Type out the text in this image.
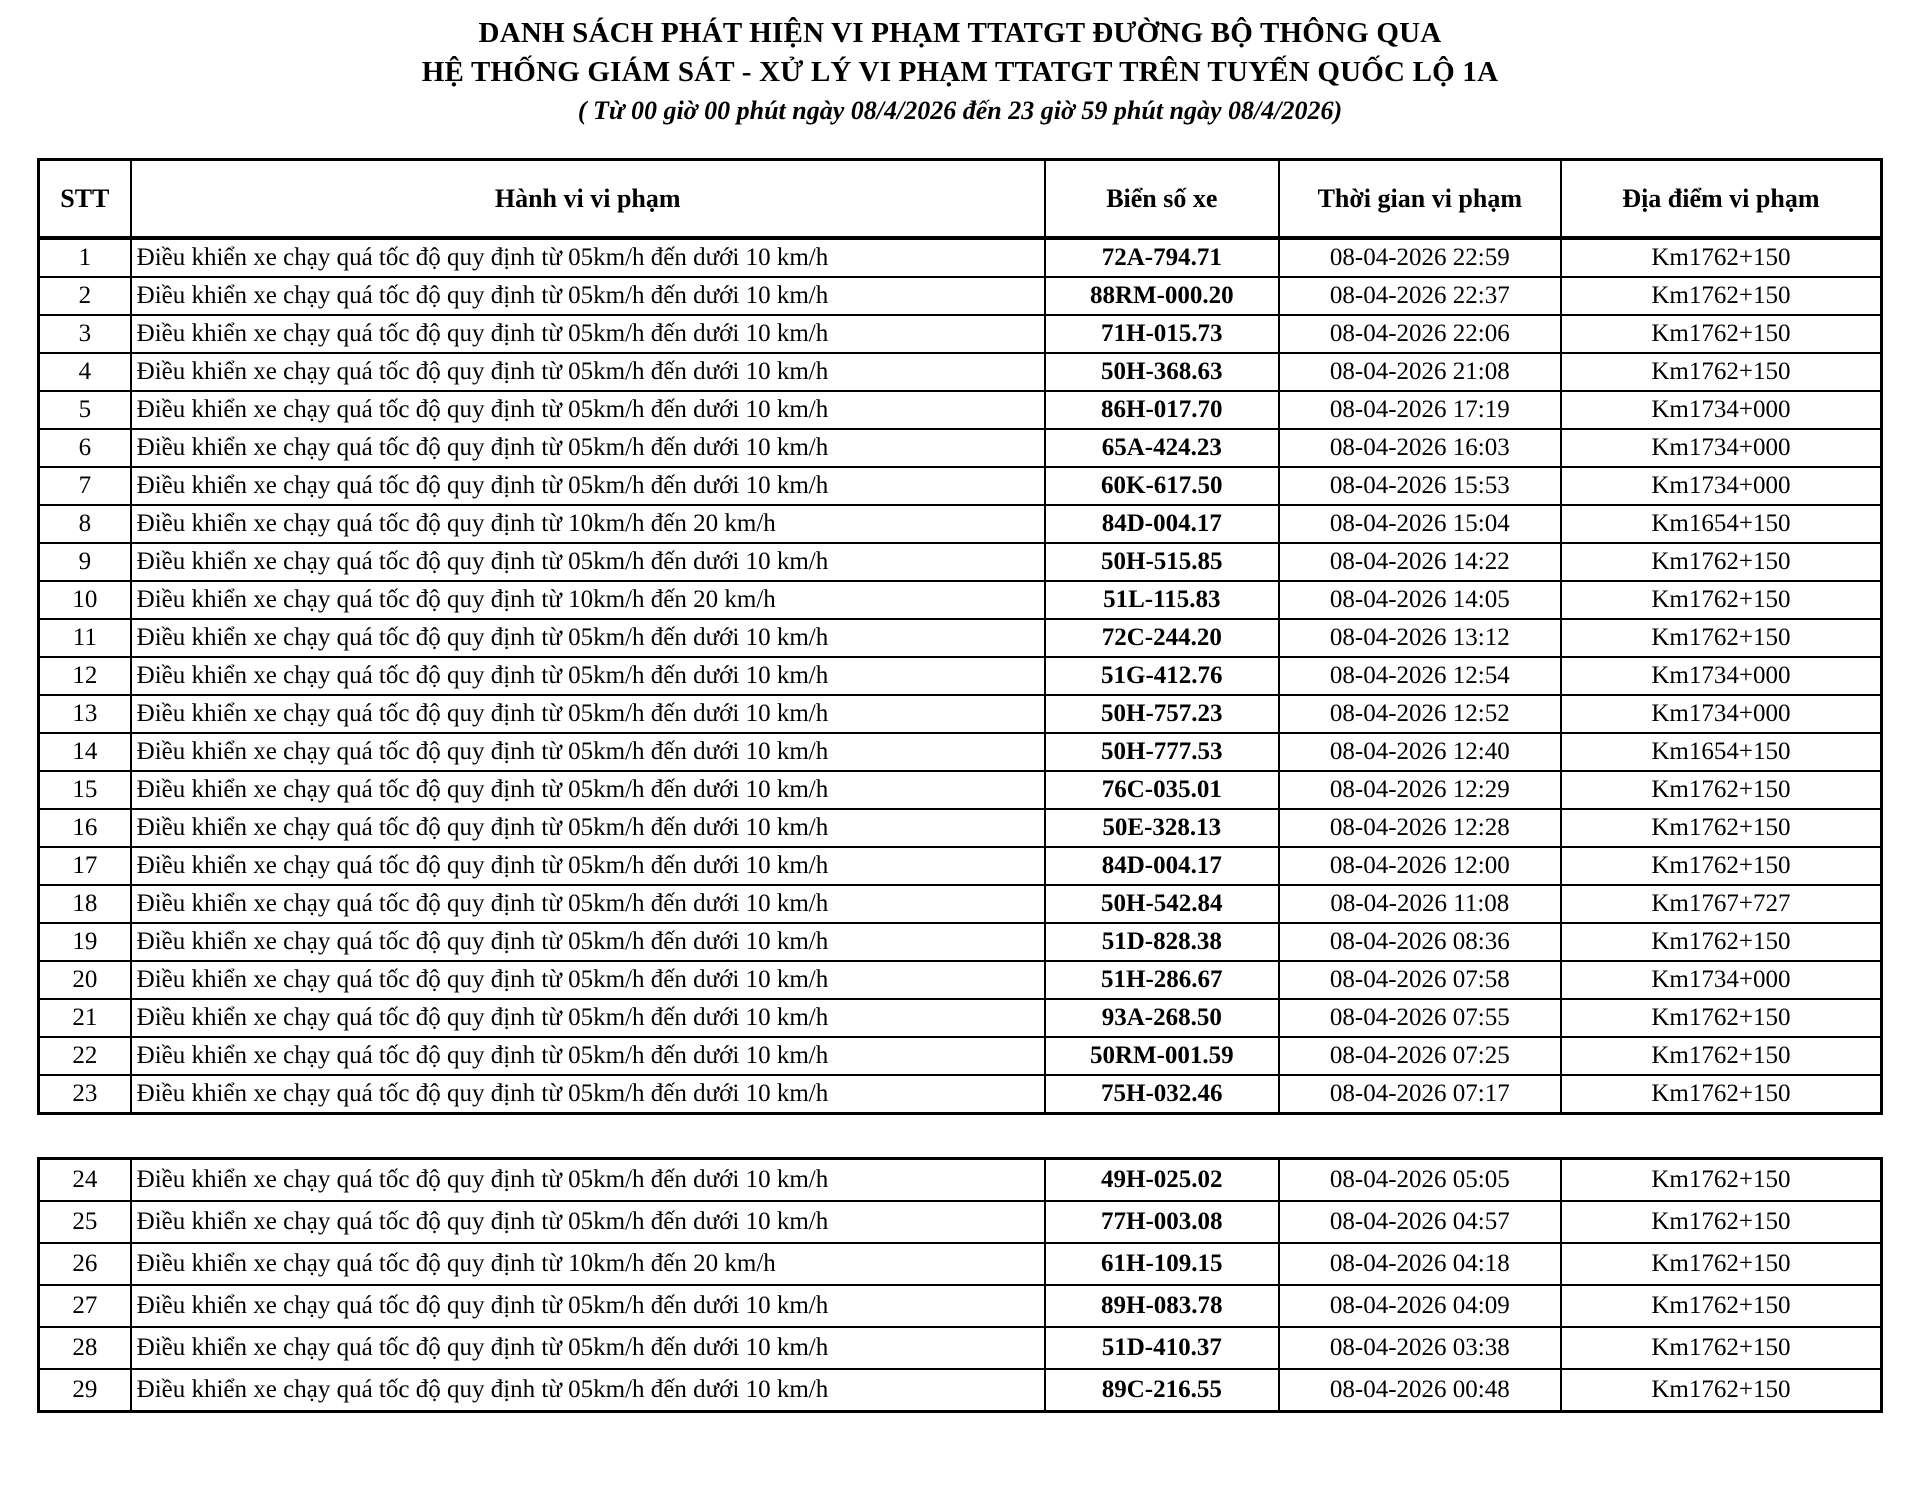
DANH SÁCH PHÁT HIỆN VI PHẠM TTATGT ĐƯỜNG BỘ THÔNG QUA
HỆ THỐNG GIÁM SÁT - XỬ LÝ VI PHẠM TTATGT TRÊN TUYẾN QUỐC LỘ 1A
( Từ 00 giờ 00 phút ngày 08/4/2026 đến 23 giờ 59 phút ngày 08/4/2026)
STT	Hành vi vi phạm	Biển số xe	Thời gian vi phạm	Địa điểm vi phạm
1	Điều khiển xe chạy quá tốc độ quy định từ 05km/h đến dưới 10 km/h	72A-794.71	08-04-2026 22:59	Km1762+150
2	Điều khiển xe chạy quá tốc độ quy định từ 05km/h đến dưới 10 km/h	88RM-000.20	08-04-2026 22:37	Km1762+150
3	Điều khiển xe chạy quá tốc độ quy định từ 05km/h đến dưới 10 km/h	71H-015.73	08-04-2026 22:06	Km1762+150
4	Điều khiển xe chạy quá tốc độ quy định từ 05km/h đến dưới 10 km/h	50H-368.63	08-04-2026 21:08	Km1762+150
5	Điều khiển xe chạy quá tốc độ quy định từ 05km/h đến dưới 10 km/h	86H-017.70	08-04-2026 17:19	Km1734+000
6	Điều khiển xe chạy quá tốc độ quy định từ 05km/h đến dưới 10 km/h	65A-424.23	08-04-2026 16:03	Km1734+000
7	Điều khiển xe chạy quá tốc độ quy định từ 05km/h đến dưới 10 km/h	60K-617.50	08-04-2026 15:53	Km1734+000
8	Điều khiển xe chạy quá tốc độ quy định từ 10km/h đến 20 km/h	84D-004.17	08-04-2026 15:04	Km1654+150
9	Điều khiển xe chạy quá tốc độ quy định từ 05km/h đến dưới 10 km/h	50H-515.85	08-04-2026 14:22	Km1762+150
10	Điều khiển xe chạy quá tốc độ quy định từ 10km/h đến 20 km/h	51L-115.83	08-04-2026 14:05	Km1762+150
11	Điều khiển xe chạy quá tốc độ quy định từ 05km/h đến dưới 10 km/h	72C-244.20	08-04-2026 13:12	Km1762+150
12	Điều khiển xe chạy quá tốc độ quy định từ 05km/h đến dưới 10 km/h	51G-412.76	08-04-2026 12:54	Km1734+000
13	Điều khiển xe chạy quá tốc độ quy định từ 05km/h đến dưới 10 km/h	50H-757.23	08-04-2026 12:52	Km1734+000
14	Điều khiển xe chạy quá tốc độ quy định từ 05km/h đến dưới 10 km/h	50H-777.53	08-04-2026 12:40	Km1654+150
15	Điều khiển xe chạy quá tốc độ quy định từ 05km/h đến dưới 10 km/h	76C-035.01	08-04-2026 12:29	Km1762+150
16	Điều khiển xe chạy quá tốc độ quy định từ 05km/h đến dưới 10 km/h	50E-328.13	08-04-2026 12:28	Km1762+150
17	Điều khiển xe chạy quá tốc độ quy định từ 05km/h đến dưới 10 km/h	84D-004.17	08-04-2026 12:00	Km1762+150
18	Điều khiển xe chạy quá tốc độ quy định từ 05km/h đến dưới 10 km/h	50H-542.84	08-04-2026 11:08	Km1767+727
19	Điều khiển xe chạy quá tốc độ quy định từ 05km/h đến dưới 10 km/h	51D-828.38	08-04-2026 08:36	Km1762+150
20	Điều khiển xe chạy quá tốc độ quy định từ 05km/h đến dưới 10 km/h	51H-286.67	08-04-2026 07:58	Km1734+000
21	Điều khiển xe chạy quá tốc độ quy định từ 05km/h đến dưới 10 km/h	93A-268.50	08-04-2026 07:55	Km1762+150
22	Điều khiển xe chạy quá tốc độ quy định từ 05km/h đến dưới 10 km/h	50RM-001.59	08-04-2026 07:25	Km1762+150
23	Điều khiển xe chạy quá tốc độ quy định từ 05km/h đến dưới 10 km/h	75H-032.46	08-04-2026 07:17	Km1762+150
24	Điều khiển xe chạy quá tốc độ quy định từ 05km/h đến dưới 10 km/h	49H-025.02	08-04-2026 05:05	Km1762+150
25	Điều khiển xe chạy quá tốc độ quy định từ 05km/h đến dưới 10 km/h	77H-003.08	08-04-2026 04:57	Km1762+150
26	Điều khiển xe chạy quá tốc độ quy định từ 10km/h đến 20 km/h	61H-109.15	08-04-2026 04:18	Km1762+150
27	Điều khiển xe chạy quá tốc độ quy định từ 05km/h đến dưới 10 km/h	89H-083.78	08-04-2026 04:09	Km1762+150
28	Điều khiển xe chạy quá tốc độ quy định từ 05km/h đến dưới 10 km/h	51D-410.37	08-04-2026 03:38	Km1762+150
29	Điều khiển xe chạy quá tốc độ quy định từ 05km/h đến dưới 10 km/h	89C-216.55	08-04-2026 00:48	Km1762+150
